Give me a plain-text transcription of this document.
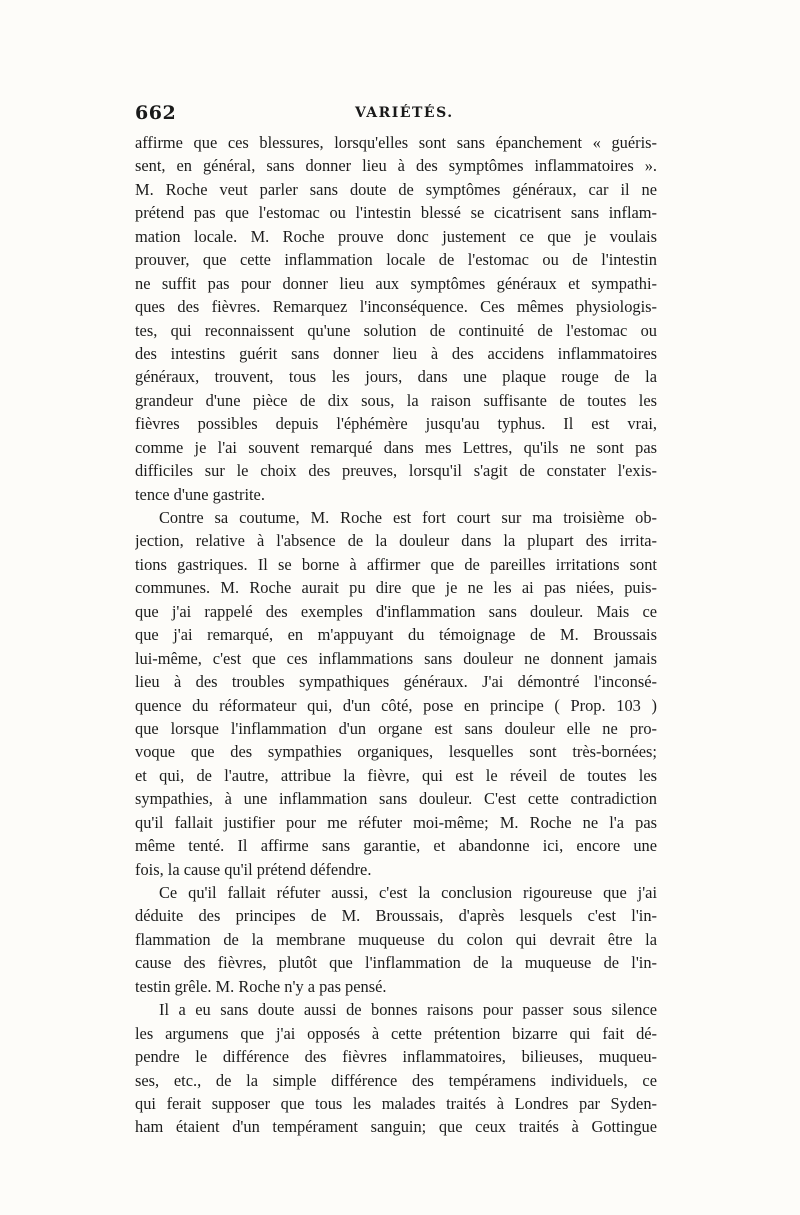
662	VARIÉTÉS.
affirme que ces blessures, lorsqu'elles sont sans épanchement « guéris-
sent, en général, sans donner lieu à des symptômes inflammatoires ».
M. Roche veut parler sans doute de symptômes généraux, car il ne
prétend pas que l'estomac ou l'intestin blessé se cicatrisent sans inflam-
mation locale. M. Roche prouve donc justement ce que je voulais
prouver, que cette inflammation locale de l'estomac ou de l'intestin
ne suffit pas pour donner lieu aux symptômes généraux et sympathi-
ques des fièvres. Remarquez l'inconséquence. Ces mêmes physiologis-
tes, qui reconnaissent qu'une solution de continuité de l'estomac ou
des intestins guérit sans donner lieu à des accidens inflammatoires
généraux, trouvent, tous les jours, dans une plaque rouge de la
grandeur d'une pièce de dix sous, la raison suffisante de toutes les
fièvres possibles depuis l'éphémère jusqu'au typhus. Il est vrai,
comme je l'ai souvent remarqué dans mes Lettres, qu'ils ne sont pas
difficiles sur le choix des preuves, lorsqu'il s'agit de constater l'exis-
tence d'une gastrite.
Contre sa coutume, M. Roche est fort court sur ma troisième ob-
jection, relative à l'absence de la douleur dans la plupart des irrita-
tions gastriques. Il se borne à affirmer que de pareilles irritations sont
communes. M. Roche aurait pu dire que je ne les ai pas niées, puis-
que j'ai rappelé des exemples d'inflammation sans douleur. Mais ce
que j'ai remarqué, en m'appuyant du témoignage de M. Broussais
lui-même, c'est que ces inflammations sans douleur ne donnent jamais
lieu à des troubles sympathiques généraux. J'ai démontré l'inconsé-
quence du réformateur qui, d'un côté, pose en principe ( Prop. 103 )
que lorsque l'inflammation d'un organe est sans douleur elle ne pro-
voque que des sympathies organiques, lesquelles sont très-bornées;
et qui, de l'autre, attribue la fièvre, qui est le réveil de toutes les
sympathies, à une inflammation sans douleur. C'est cette contradiction
qu'il fallait justifier pour me réfuter moi-même; M. Roche ne l'a pas
même tenté. Il affirme sans garantie, et abandonne ici, encore une
fois, la cause qu'il prétend défendre.
Ce qu'il fallait réfuter aussi, c'est la conclusion rigoureuse que j'ai
déduite des principes de M. Broussais, d'après lesquels c'est l'in-
flammation de la membrane muqueuse du colon qui devrait être la
cause des fièvres, plutôt que l'inflammation de la muqueuse de l'in-
testin grêle. M. Roche n'y a pas pensé.
Il a eu sans doute aussi de bonnes raisons pour passer sous silence
les argumens que j'ai opposés à cette prétention bizarre qui fait dé-
pendre le différence des fièvres inflammatoires, bilieuses, muqueu-
ses, etc., de la simple différence des tempéramens individuels, ce
qui ferait supposer que tous les malades traités à Londres par Syden-
ham étaient d'un tempérament sanguin; que ceux traités à Gottingue
